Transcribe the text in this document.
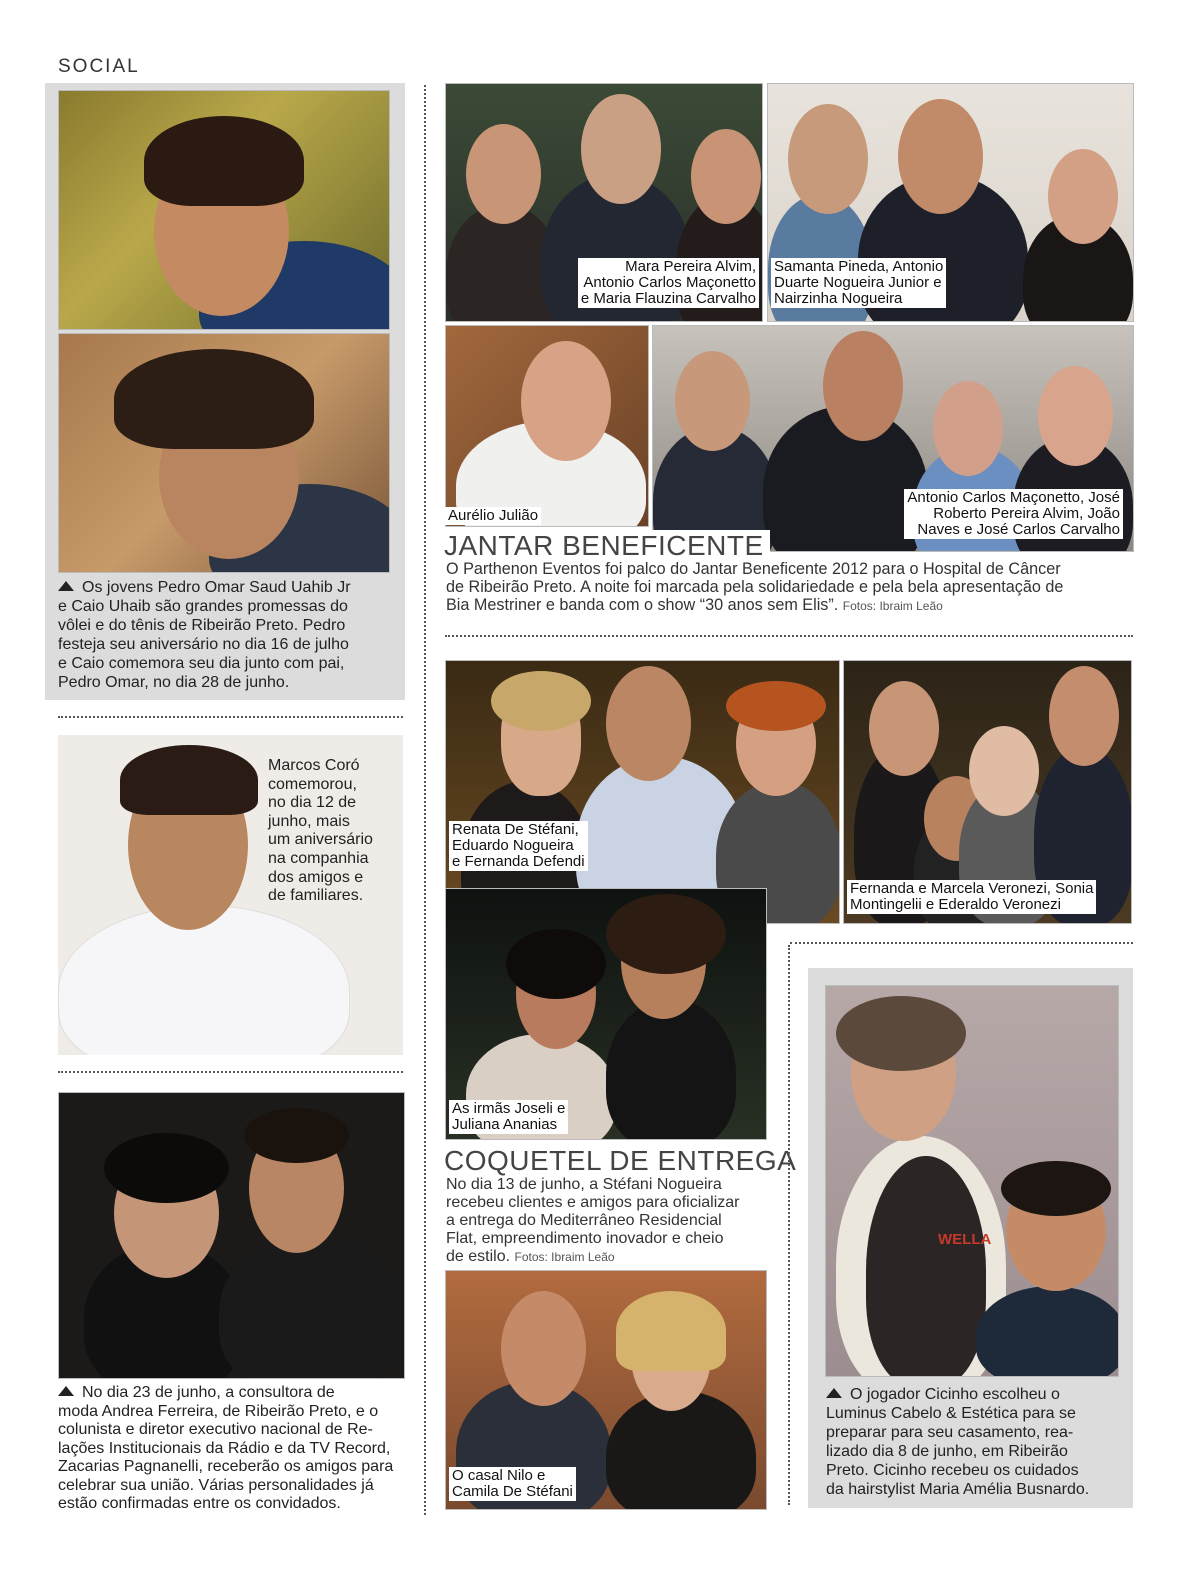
SOCIAL
Os jovens Pedro Omar Saud Uahib Jr
e Caio Uhaib são grandes promessas do
vôlei e do tênis de Ribeirão Preto. Pedro
festeja seu aniversário no dia 16 de julho
e Caio comemora seu dia junto com pai,
Pedro Omar, no dia 28 de junho.
Marcos Coró
comemorou,
no dia 12 de
junho, mais
um aniversário
na companhia
dos amigos e
de familiares.
No dia 23 de junho, a consultora de
moda Andrea Ferreira, de Ribeirão Preto, e o
colunista e diretor executivo nacional de Re-
lações Institucionais da Rádio e da TV Record,
Zacarias Pagnanelli, receberão os amigos para
celebrar sua união. Várias personalidades já
estão confirmadas entre os convidados.
Mara Pereira Alvim,
Antonio Carlos Maçonetto
e Maria Flauzina Carvalho
Samanta Pineda, Antonio
Duarte Nogueira Junior e
Nairzinha Nogueira
Aurélio Julião
Antonio Carlos Maçonetto, José
Roberto Pereira Alvim, João
Naves e José Carlos Carvalho
JANTAR BENEFICENTE
O Parthenon Eventos foi palco do Jantar Beneficente 2012 para o Hospital de Câncer
de Ribeirão Preto. A noite foi marcada pela solidariedade e pela bela apresentação de
Bia Mestriner e banda com o show “30 anos sem Elis”. Fotos: Ibraim Leão
Renata De Stéfani,
Eduardo Nogueira
e Fernanda Defendi
Fernanda e Marcela Veronezi, Sonia
Montingelii e Ederaldo Veronezi
As irmãs Joseli e
Juliana Ananias
COQUETEL DE ENTREGA
No dia 13 de junho, a Stéfani Nogueira
recebeu clientes e amigos para oficializar
a entrega do Mediterrâneo Residencial
Flat, empreendimento inovador e cheio
de estilo. Fotos: Ibraim Leão
O casal Nilo e
Camila De Stéfani
WELLA
O jogador Cicinho escolheu o
Luminus Cabelo & Estética para se
preparar para seu casamento, rea-
lizado dia 8 de junho, em Ribeirão
Preto. Cicinho recebeu os cuidados
da hairstylist Maria Amélia Busnardo.
